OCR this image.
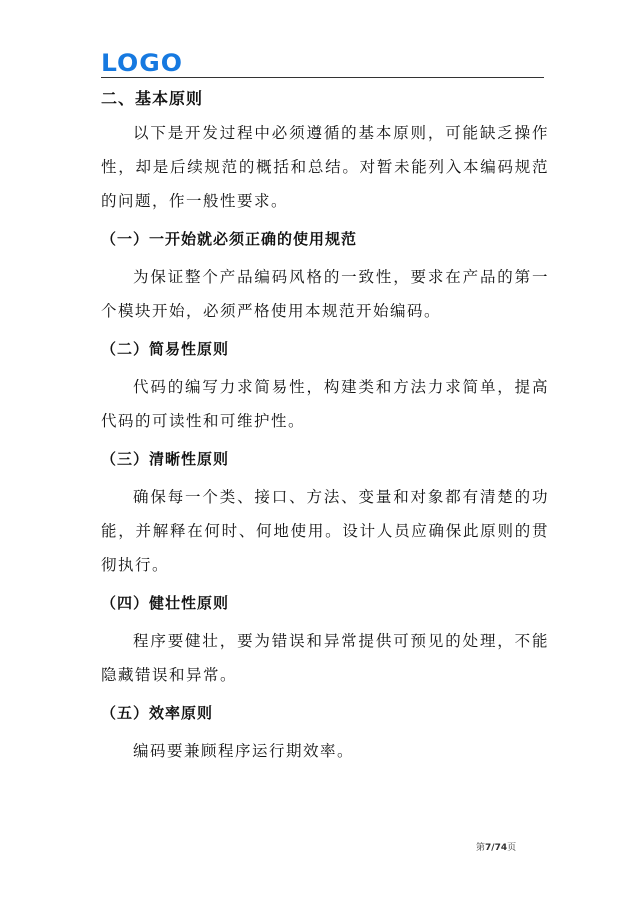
LOGO
二、基本原则

以下是开发过程中必须遵循的基本原则，可能缺乏操作性，却是后续规范的概括和总结。对暂未能列入本编码规范的问题，作一般性要求。

（一）一开始就必须正确的使用规范

为保证整个产品编码风格的一致性，要求在产品的第一个模块开始，必须严格使用本规范开始编码。

（二）简易性原则

代码的编写力求简易性，构建类和方法力求简单，提高代码的可读性和可维护性。

（三）清晰性原则

确保每一个类、接口、方法、变量和对象都有清楚的功能，并解释在何时、何地使用。设计人员应确保此原则的贯彻执行。

（四）健壮性原则

程序要健壮，要为错误和异常提供可预见的处理，不能隐藏错误和异常。

（五）效率原则

编码要兼顾程序运行期效率。

第7/74页
